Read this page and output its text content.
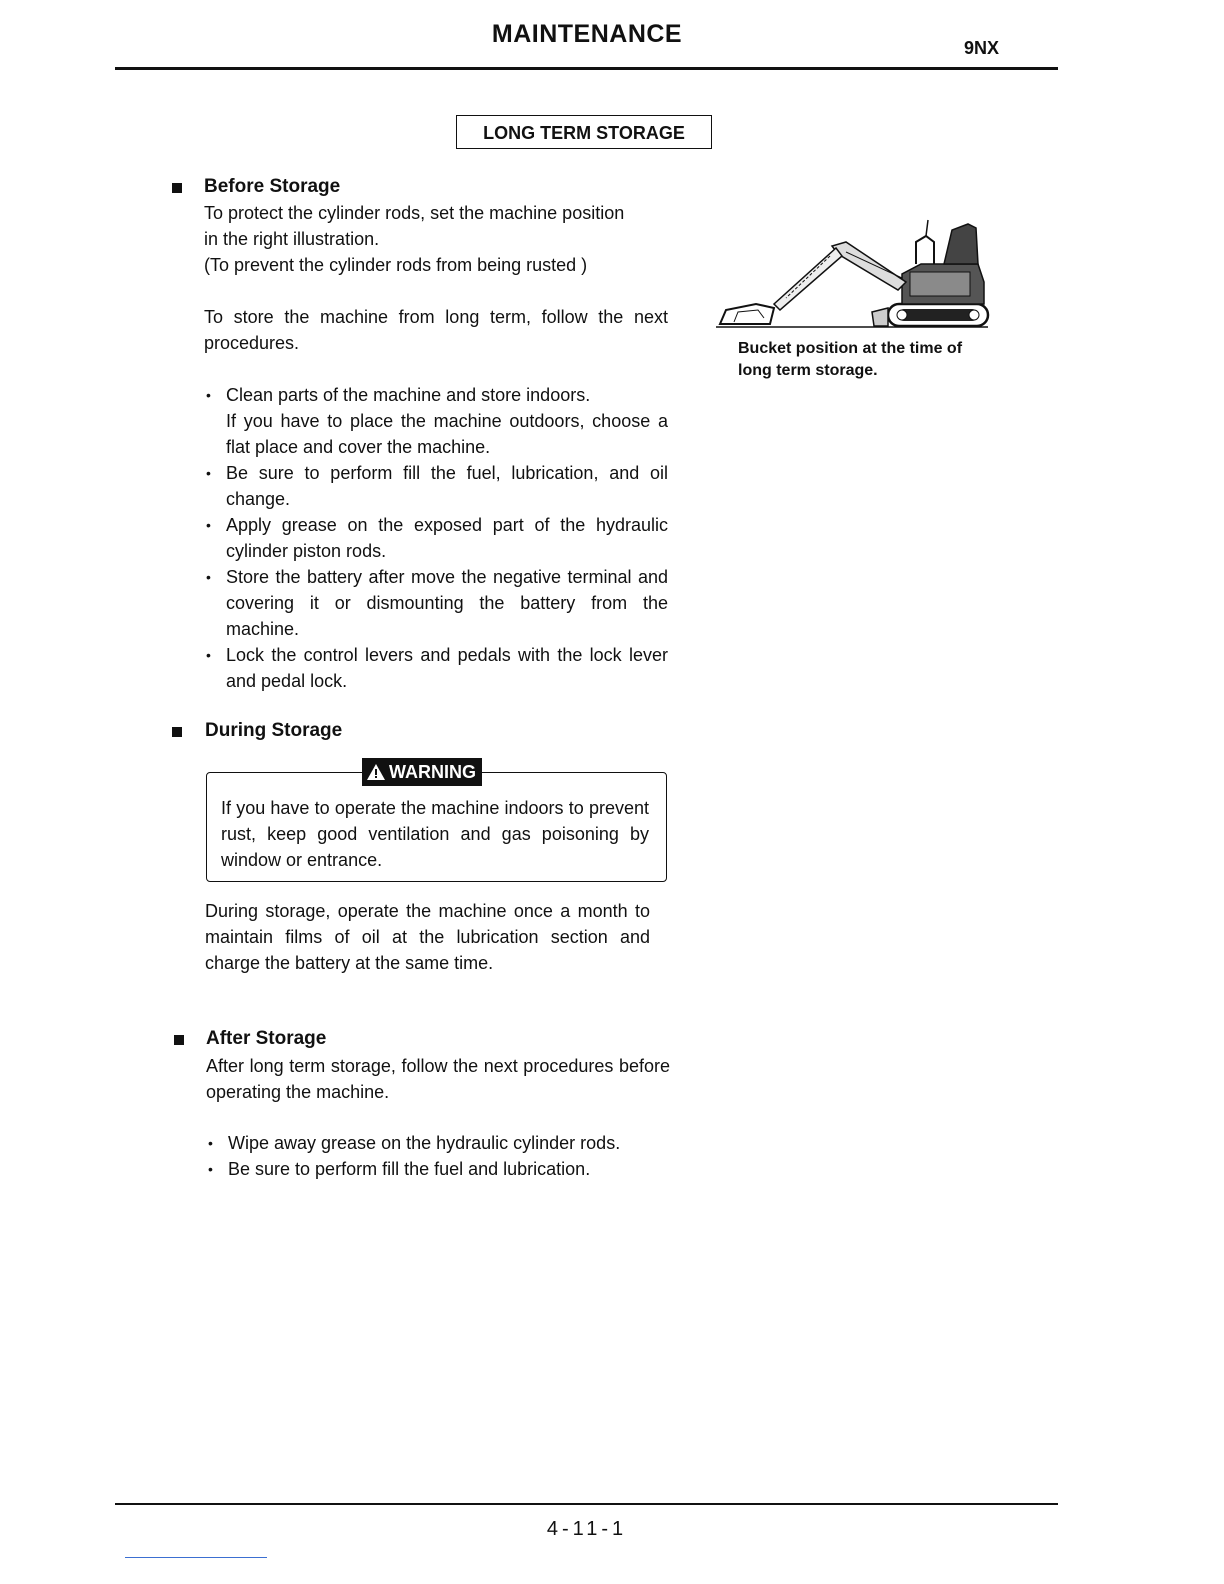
MAINTENANCE	9NX
LONG TERM STORAGE
Before Storage
To protect the cylinder rods, set the machine position
in the right illustration.
(To prevent the cylinder rods from being rusted )
To store the machine from long term, follow the next procedures.
• Clean parts of the machine and store indoors.
If you have to place the machine outdoors, choose a flat place and cover the machine.
• Be sure to perform fill the fuel, lubrication, and oil change.
• Apply grease on the exposed part of the hydraulic cylinder piston rods.
• Store the battery after move the negative terminal and covering it or dismounting the battery from the machine.
• Lock the control levers and pedals with the lock lever and pedal lock.
Bucket position at the time of
long term storage.
During Storage
WARNING
If you have to operate the machine indoors to prevent rust, keep good ventilation and gas poisoning by window or entrance.
During storage, operate the machine once a month to maintain films of oil at the lubrication section and charge the battery at the same time.
After Storage
After long term storage, follow the next procedures before operating the machine.
• Wipe away grease on the hydraulic cylinder rods.
• Be sure to perform fill the fuel and lubrication.
4-11-1
